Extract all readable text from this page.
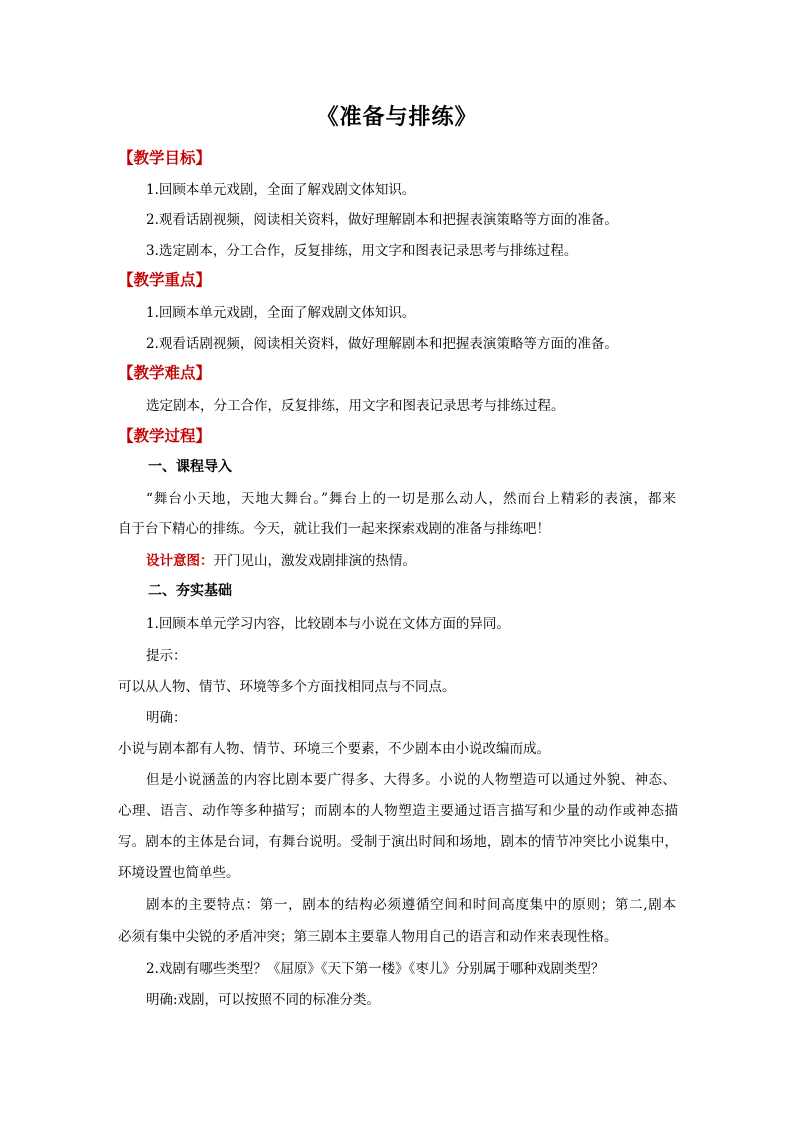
《准备与排练》
【教学目标】
1.回顾本单元戏剧，全面了解戏剧文体知识。
2.观看话剧视频，阅读相关资料，做好理解剧本和把握表演策略等方面的准备。
3.选定剧本，分工合作，反复排练，用文字和图表记录思考与排练过程。
【教学重点】
1.回顾本单元戏剧，全面了解戏剧文体知识。
2.观看话剧视频，阅读相关资料，做好理解剧本和把握表演策略等方面的准备。
【教学难点】
选定剧本，分工合作，反复排练，用文字和图表记录思考与排练过程。
【教学过程】
一、课程导入
“舞台小天地，天地大舞台。”舞台上的一切是那么动人，然而台上精彩的表演，都来
自于台下精心的排练。今天，就让我们一起来探索戏剧的准备与排练吧！
设计意图：开门见山，激发戏剧排演的热情。
二、夯实基础
1.回顾本单元学习内容，比较剧本与小说在文体方面的异同。
提示：
可以从人物、情节、环境等多个方面找相同点与不同点。
明确：
小说与剧本都有人物、情节、环境三个要素，不少剧本由小说改编而成。
但是小说涵盖的内容比剧本要广得多、大得多。小说的人物塑造可以通过外貌、神态、
心理、语言、动作等多种描写；而剧本的人物塑造主要通过语言描写和少量的动作或神态描
写。剧本的主体是台词，有舞台说明。受制于演出时间和场地，剧本的情节冲突比小说集中，
环境设置也简单些。
剧本的主要特点：第一，剧本的结构必须遵循空间和时间高度集中的原则；第二,剧本
必须有集中尖锐的矛盾冲突；第三剧本主要靠人物用自己的语言和动作来表现性格。
2.戏剧有哪些类型？《屈原》《天下第一楼》《枣儿》分别属于哪种戏剧类型？
明确:戏剧，可以按照不同的标准分类。
